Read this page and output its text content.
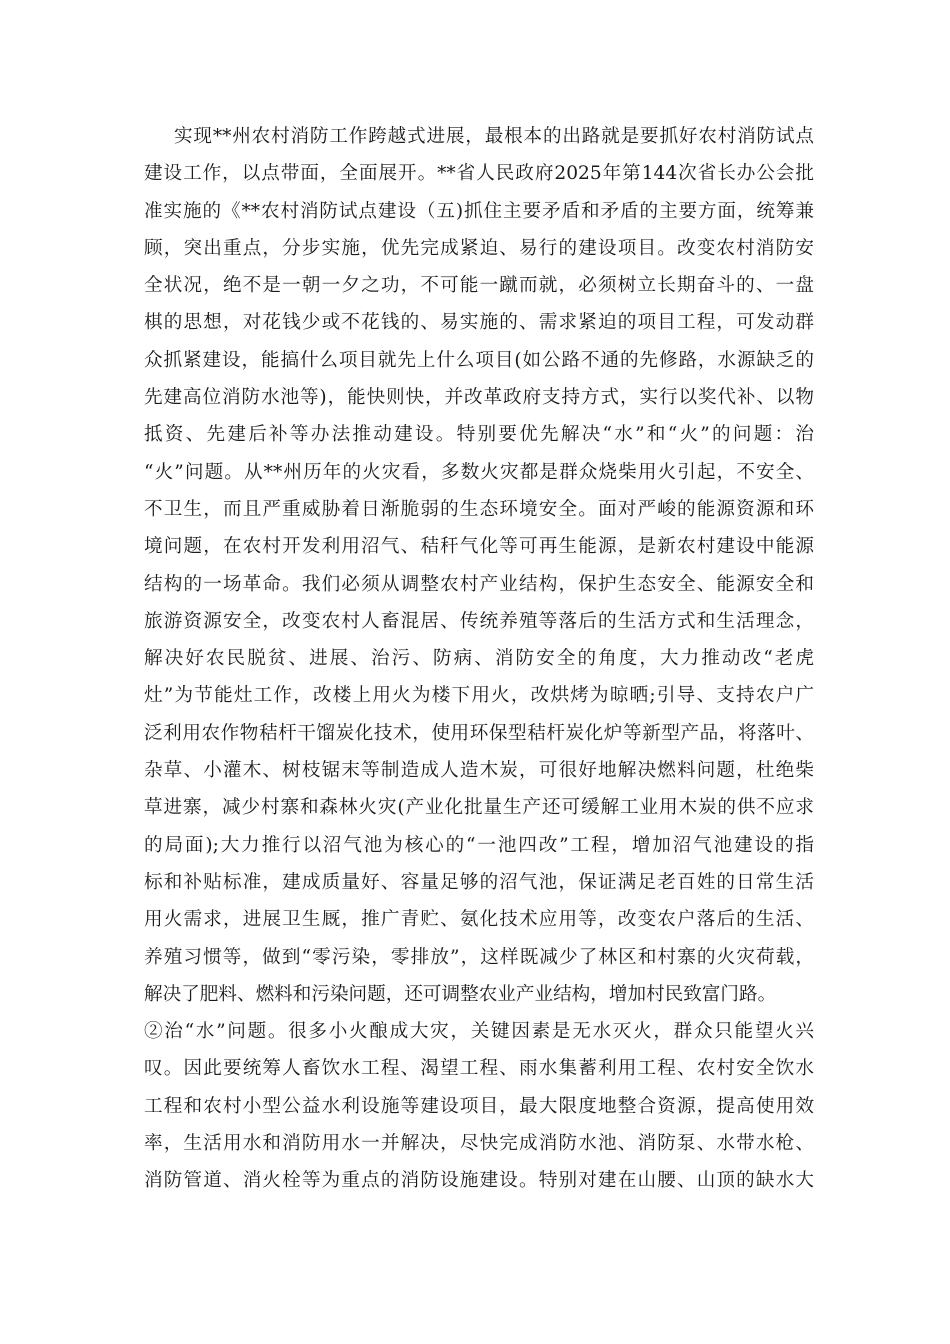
实现**州农村消防工作跨越式进展，最根本的出路就是要抓好农村消防试点
建设工作，以点带面，全面展开。**省人民政府2025年第144次省长办公会批
准实施的《**农村消防试点建设（五)抓住主要矛盾和矛盾的主要方面，统筹兼
顾，突出重点，分步实施，优先完成紧迫、易行的建设项目。改变农村消防安
全状况，绝不是一朝一夕之功，不可能一蹴而就，必须树立长期奋斗的、一盘
棋的思想，对花钱少或不花钱的、易实施的、需求紧迫的项目工程，可发动群
众抓紧建设，能搞什么项目就先上什么项目(如公路不通的先修路，水源缺乏的
先建高位消防水池等)，能快则快，并改革政府支持方式，实行以奖代补、以物
抵资、先建后补等办法推动建设。特别要优先解决“水”和“火”的问题：治
“火”问题。从**州历年的火灾看，多数火灾都是群众烧柴用火引起，不安全、
不卫生，而且严重威胁着日渐脆弱的生态环境安全。面对严峻的能源资源和环
境问题，在农村开发利用沼气、秸秆气化等可再生能源，是新农村建设中能源
结构的一场革命。我们必须从调整农村产业结构，保护生态安全、能源安全和
旅游资源安全，改变农村人畜混居、传统养殖等落后的生活方式和生活理念，
解决好农民脱贫、进展、治污、防病、消防安全的角度，大力推动改“老虎
灶”为节能灶工作，改楼上用火为楼下用火，改烘烤为晾晒;引导、支持农户广
泛利用农作物秸杆干馏炭化技术，使用环保型秸杆炭化炉等新型产品，将落叶、
杂草、小灌木、树枝锯末等制造成人造木炭，可很好地解决燃料问题，杜绝柴
草进寨，减少村寨和森林火灾(产业化批量生产还可缓解工业用木炭的供不应求
的局面);大力推行以沼气池为核心的“一池四改”工程，增加沼气池建设的指
标和补贴标准，建成质量好、容量足够的沼气池，保证满足老百姓的日常生活
用火需求，进展卫生厩，推广青贮、氨化技术应用等，改变农户落后的生活、
养殖习惯等，做到“零污染，零排放”，这样既减少了林区和村寨的火灾荷载，
解决了肥料、燃料和污染问题，还可调整农业产业结构，增加村民致富门路。
②治“水”问题。很多小火酿成大灾，关键因素是无水灭火，群众只能望火兴
叹。因此要统筹人畜饮水工程、渴望工程、雨水集蓄利用工程、农村安全饮水
工程和农村小型公益水利设施等建设项目，最大限度地整合资源，提高使用效
率，生活用水和消防用水一并解决，尽快完成消防水池、消防泵、水带水枪、
消防管道、消火栓等为重点的消防设施建设。特别对建在山腰、山顶的缺水大
